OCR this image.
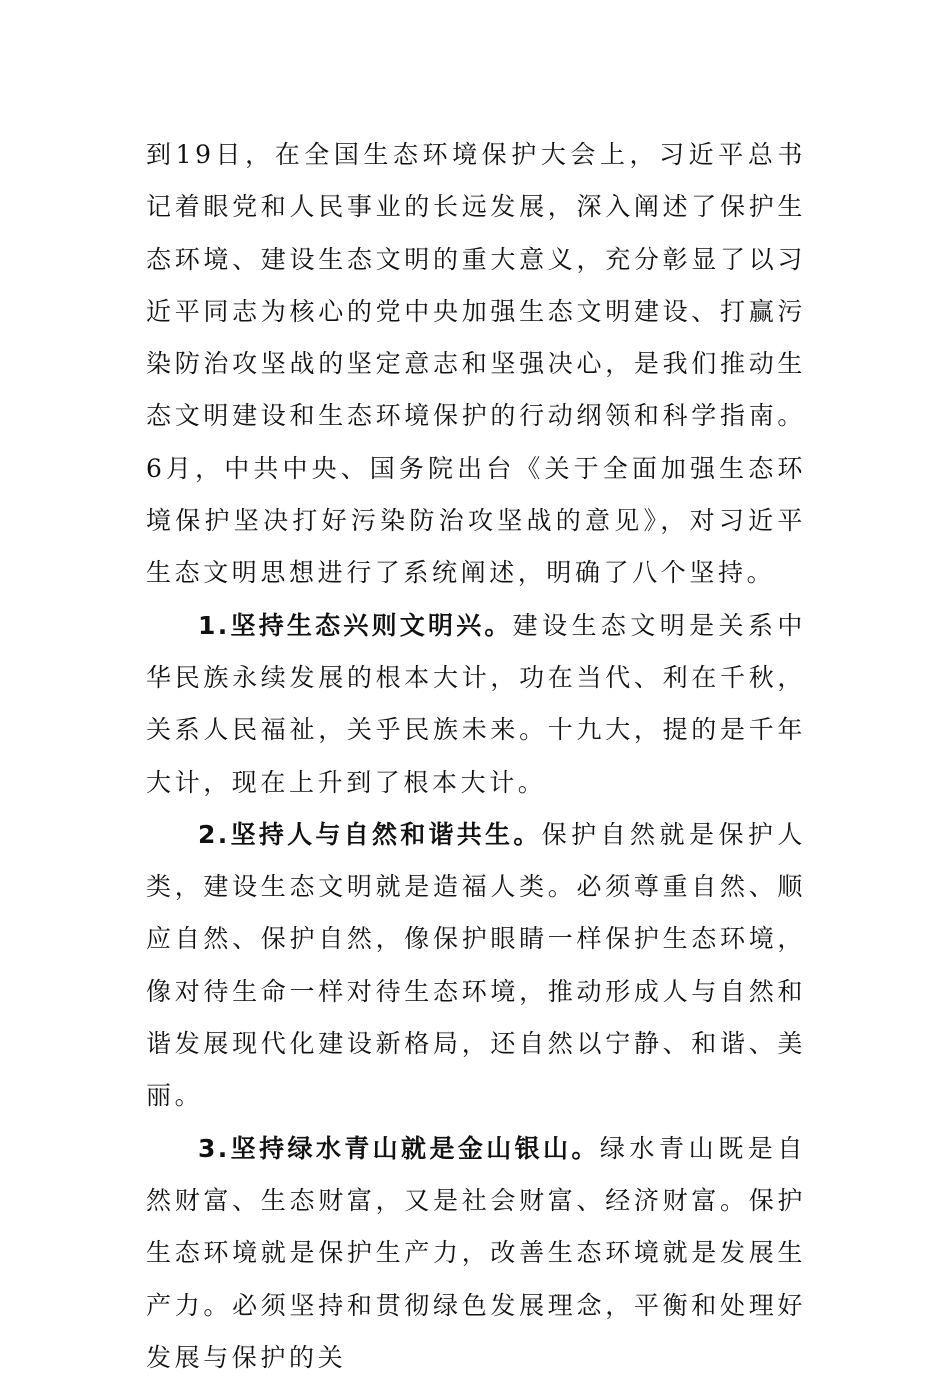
到19日，在全国生态环境保护大会上，习近平总书记着眼党和人民事业的长远发展，深入阐述了保护生态环境、建设生态文明的重大意义，充分彰显了以习近平同志为核心的党中央加强生态文明建设、打赢污染防治攻坚战的坚定意志和坚强决心，是我们推动生态文明建设和生态环境保护的行动纲领和科学指南。6月，中共中央、国务院出台《关于全面加强生态环境保护坚决打好污染防治攻坚战的意见》，对习近平生态文明思想进行了系统阐述，明确了八个坚持。

1.坚持生态兴则文明兴。建设生态文明是关系中华民族永续发展的根本大计，功在当代、利在千秋，关系人民福祉，关乎民族未来。十九大，提的是千年大计，现在上升到了根本大计。

2.坚持人与自然和谐共生。保护自然就是保护人类，建设生态文明就是造福人类。必须尊重自然、顺应自然、保护自然，像保护眼睛一样保护生态环境，像对待生命一样对待生态环境，推动形成人与自然和谐发展现代化建设新格局，还自然以宁静、和谐、美丽。

3.坚持绿水青山就是金山银山。绿水青山既是自然财富、生态财富，又是社会财富、经济财富。保护生态环境就是保护生产力，改善生态环境就是发展生产力。必须坚持和贯彻绿色发展理念，平衡和处理好发展与保护的关
